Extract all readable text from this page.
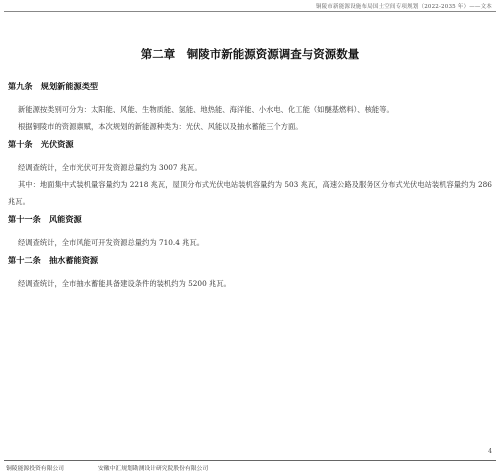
铜陵市新能源设施布局国土空间专项规划（2022-2035 年）——文本
第二章　铜陵市新能源资源调查与资源数量
第九条　规划新能源类型

新能源按类别可分为：太阳能、风能、生物质能、氢能、地热能、海洋能、小水电、化工能（如醚基燃料）、核能等。

根据铜陵市的资源禀赋，本次规划的新能源种类为：光伏、风能以及抽水蓄能三个方面。

第十条　光伏资源

经调查统计，全市光伏可开发资源总量约为 3007 兆瓦。

其中：地面集中式装机量容量约为 2218 兆瓦，屋顶分布式光伏电站装机容量约为 503 兆瓦，高速公路及服务区分布式光伏电站装机容量约为 286 兆瓦。

第十一条　风能资源

经调查统计，全市风能可开发资源总量约为 710.4 兆瓦。

第十二条　抽水蓄能资源

经调查统计，全市抽水蓄能具备建设条件的装机约为 5200 兆瓦。

4
铜陵能源投资有限公司	安徽中汇规划勘测设计研究院股份有限公司
